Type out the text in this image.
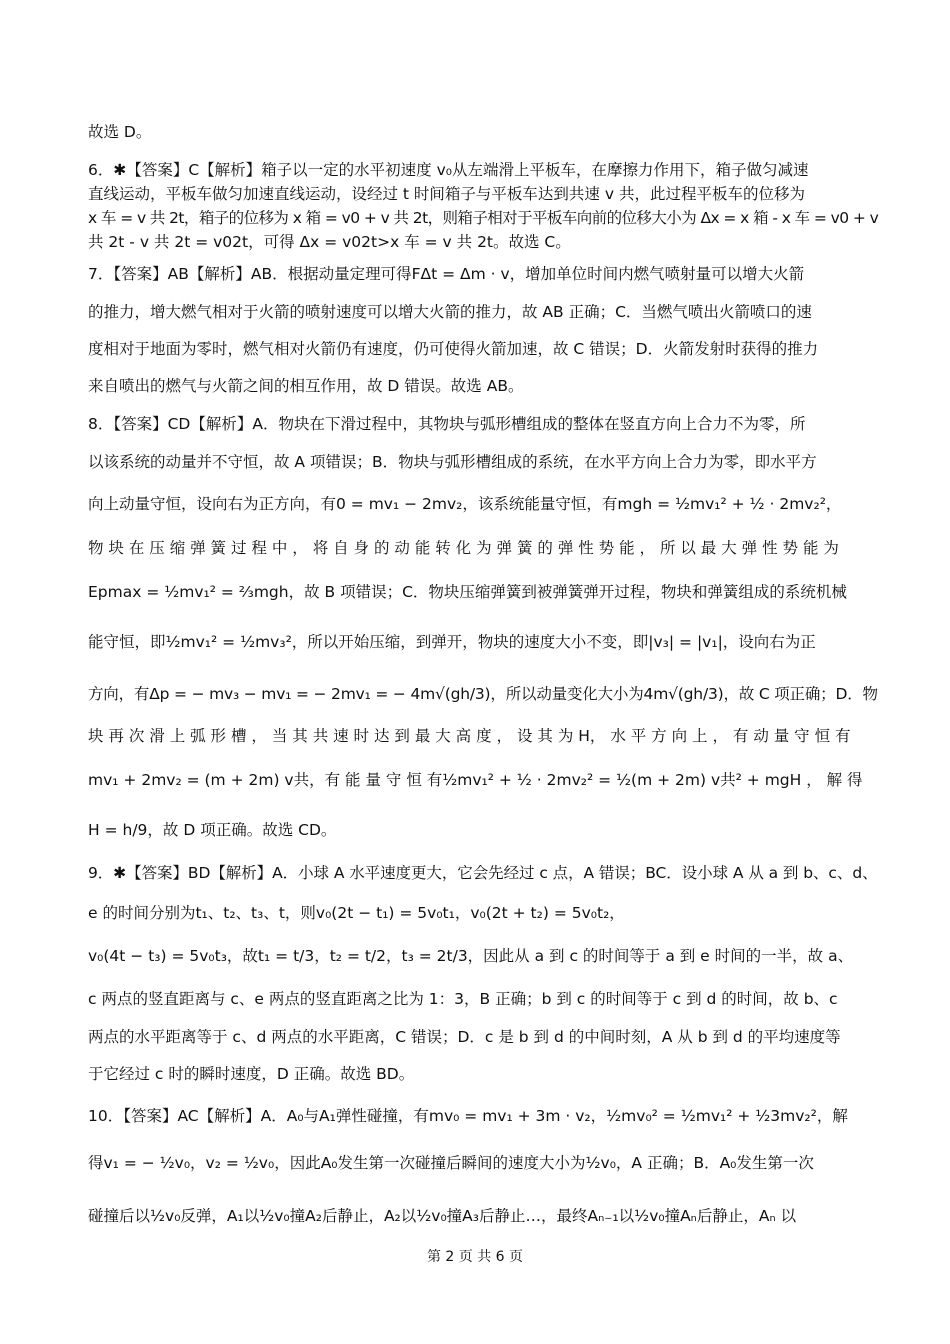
故选 D。
6．✱【答案】C【解析】箱子以一定的水平初速度 v₀从左端滑上平板车，在摩擦力作用下，箱子做匀减速
直线运动，平板车做匀加速直线运动，设经过 t 时间箱子与平板车达到共速 v 共，此过程平板车的位移为
x 车 = v 共 2t，箱子的位移为 x 箱 = v0 + v 共 2t，则箱子相对于平板车向前的位移大小为 Δx = x 箱 - x 车 = v0 + v
共 2t - v 共 2t = v02t，可得 Δx = v02t>x 车 = v 共 2t。故选 C。
7．【答案】AB【解析】AB．根据动量定理可得FΔt = Δm · v，增加单位时间内燃气喷射量可以增大火箭
的推力，增大燃气相对于火箭的喷射速度可以增大火箭的推力，故 AB 正确；C．当燃气喷出火箭喷口的速
度相对于地面为零时，燃气相对火箭仍有速度，仍可使得火箭加速，故 C 错误；D．火箭发射时获得的推力
来自喷出的燃气与火箭之间的相互作用，故 D 错误。故选 AB。
8．【答案】CD【解析】A．物块在下滑过程中，其物块与弧形槽组成的整体在竖直方向上合力不为零，所
以该系统的动量并不守恒，故 A 项错误；B．物块与弧形槽组成的系统，在水平方向上合力为零，即水平方
向上动量守恒，设向右为正方向，有0 = mv₁ − 2mv₂，该系统能量守恒，有mgh = ½mv₁² + ½ · 2mv₂²，
物 块 在 压 缩 弹 簧 过 程 中 ， 将 自 身 的 动 能 转 化 为 弹 簧 的 弹 性 势 能 ， 所 以 最 大 弹 性 势 能 为
Epmax = ½mv₁² = ⅔mgh，故 B 项错误；C．物块压缩弹簧到被弹簧弹开过程，物块和弹簧组成的系统机械
能守恒，即½mv₁² = ½mv₃²，所以开始压缩，到弹开，物块的速度大小不变，即|v₃| = |v₁|，设向右为正
方向，有Δp = − mv₃ − mv₁ = − 2mv₁ = − 4m√(gh/3)，所以动量变化大小为4m√(gh/3)，故 C 项正确；D．物
块 再 次 滑 上 弧 形 槽 ， 当 其 共 速 时 达 到 最 大 高 度 ， 设 其 为 H， 水 平 方 向 上 ， 有 动 量 守 恒 有
mv₁ + 2mv₂ = (m + 2m) v共，有 能 量 守 恒 有½mv₁² + ½ · 2mv₂² = ½(m + 2m) v共² + mgH ， 解 得
H = h/9，故 D 项正确。故选 CD。
9．✱【答案】BD【解析】A．小球 A 水平速度更大，它会先经过 c 点，A 错误；BC．设小球 A 从 a 到 b、c、d、
e 的时间分别为t₁、t₂、t₃、t，则v₀(2t − t₁) = 5v₀t₁，v₀(2t + t₂) = 5v₀t₂，
v₀(4t − t₃) = 5v₀t₃，故t₁ = t/3，t₂ = t/2，t₃ = 2t/3，因此从 a 到 c 的时间等于 a 到 e 时间的一半，故 a、
c 两点的竖直距离与 c、e 两点的竖直距离之比为 1：3，B 正确；b 到 c 的时间等于 c 到 d 的时间，故 b、c
两点的水平距离等于 c、d 两点的水平距离，C 错误；D．c 是 b 到 d 的中间时刻，A 从 b 到 d 的平均速度等
于它经过 c 时的瞬时速度，D 正确。故选 BD。
10．【答案】AC【解析】A．A₀与A₁弹性碰撞，有mv₀ = mv₁ + 3m · v₂，½mv₀² = ½mv₁² + ½3mv₂²，解
得v₁ = − ½v₀，v₂ = ½v₀，因此A₀发生第一次碰撞后瞬间的速度大小为½v₀，A 正确；B．A₀发生第一次
碰撞后以½v₀反弹，A₁以½v₀撞A₂后静止，A₂以½v₀撞A₃后静止…，最终Aₙ₋₁以½v₀撞Aₙ后静止，Aₙ 以
第 2 页 共 6 页
